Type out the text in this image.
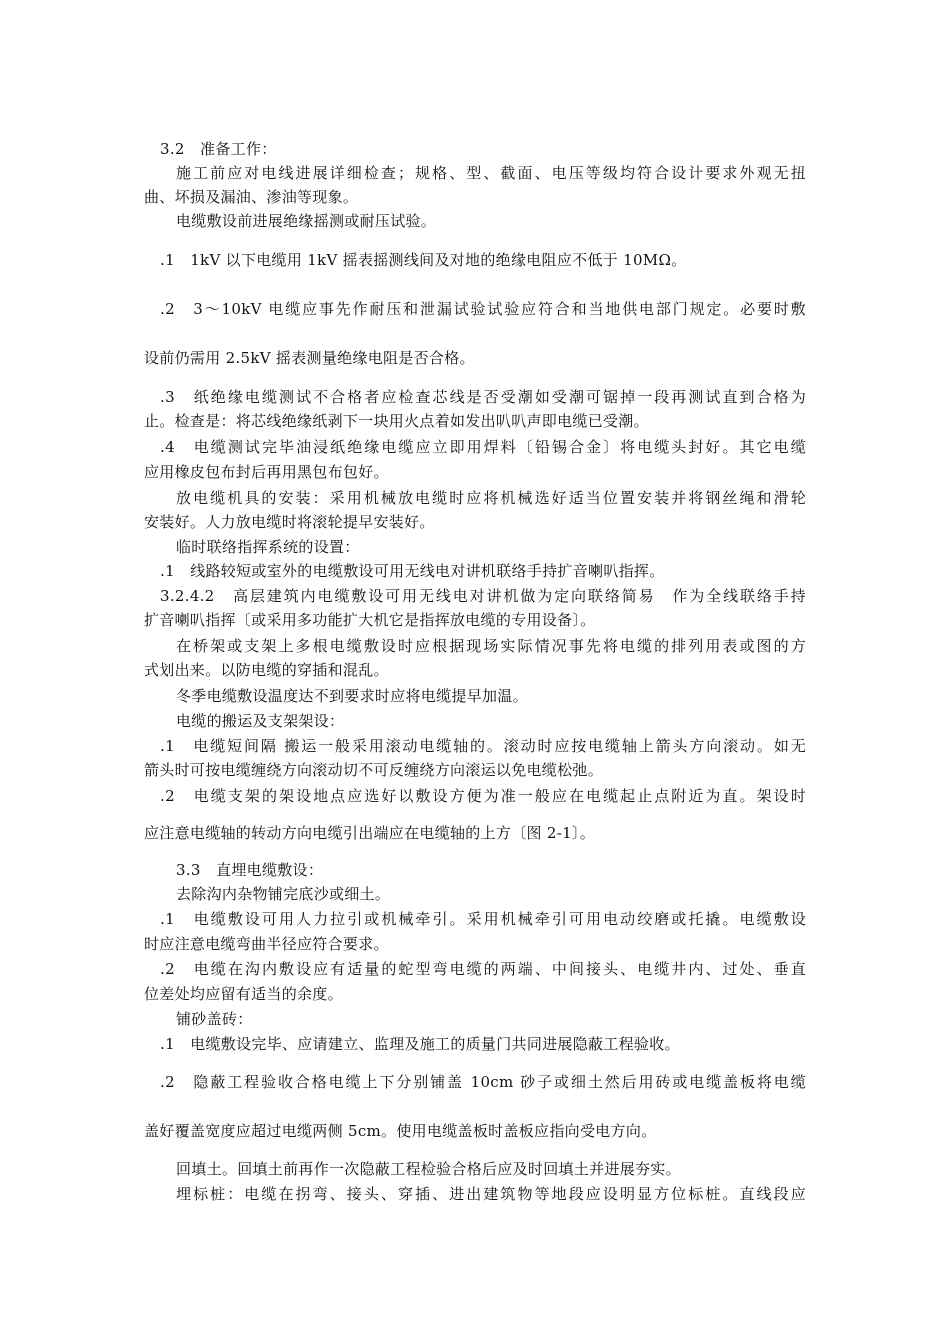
3.2　准备工作：
施工前应对电线进展详细检查；规格、型、截面、电压等级均符合设计要求外观无扭
曲、坏损及漏油、渗油等现象。
电缆敷设前进展绝缘摇测或耐压试验。
.1　1kV 以下电缆用 1kV 摇表摇测线间及对地的绝缘电阻应不低于 10MΩ。
.2　3～10kV 电缆应事先作耐压和泄漏试验试验应符合和当地供电部门规定。必要时敷
设前仍需用 2.5kV 摇表测量绝缘电阻是否合格。
.3　纸绝缘电缆测试不合格者应检查芯线是否受潮如受潮可锯掉一段再测试直到合格为
止。检查是：将芯线绝缘纸剥下一块用火点着如发出叭叭声即电缆已受潮。
.4　电缆测试完毕油浸纸绝缘电缆应立即用焊料〔铅锡合金〕将电缆头封好。其它电缆
应用橡皮包布封后再用黑包布包好。
放电缆机具的安装：采用机械放电缆时应将机械选好适当位置安装并将钢丝绳和滑轮
安装好。人力放电缆时将滚轮提早安装好。
临时联络指挥系统的设置：
.1　线路较短或室外的电缆敷设可用无线电对讲机联络手持扩音喇叭指挥。
3.2.4.2　高层建筑内电缆敷设可用无线电对讲机做为定向联络简易　作为全线联络手持
扩音喇叭指挥〔或采用多功能扩大机它是指挥放电缆的专用设备〕。
在桥架或支架上多根电缆敷设时应根据现场实际情况事先将电缆的排列用表或图的方
式划出来。以防电缆的穿插和混乱。
冬季电缆敷设温度达不到要求时应将电缆提早加温。
电缆的搬运及支架架设：
.1　电缆短间隔 搬运一般采用滚动电缆轴的。滚动时应按电缆轴上箭头方向滚动。如无
箭头时可按电缆缠绕方向滚动切不可反缠绕方向滚运以免电缆松弛。
.2　电缆支架的架设地点应选好以敷设方便为准一般应在电缆起止点附近为直。架设时
应注意电缆轴的转动方向电缆引出端应在电缆轴的上方〔图 2-1〕。
3.3　直埋电缆敷设：
去除沟内杂物铺完底沙或细土。
.1　电缆敷设可用人力拉引或机械牵引。采用机械牵引可用电动绞磨或托撬。电缆敷设
时应注意电缆弯曲半径应符合要求。
.2　电缆在沟内敷设应有适量的蛇型弯电缆的两端、中间接头、电缆井内、过处、垂直
位差处均应留有适当的余度。
铺砂盖砖：
.1　电缆敷设完毕、应请建立、监理及施工的质量门共同进展隐蔽工程验收。
.2　隐蔽工程验收合格电缆上下分别铺盖 10cm 砂子或细土然后用砖或电缆盖板将电缆
盖好覆盖宽度应超过电缆两侧 5cm。使用电缆盖板时盖板应指向受电方向。
回填土。回填土前再作一次隐蔽工程检验合格后应及时回填土并进展夯实。
埋标桩：电缆在拐弯、接头、穿插、进出建筑物等地段应设明显方位标桩。直线段应
